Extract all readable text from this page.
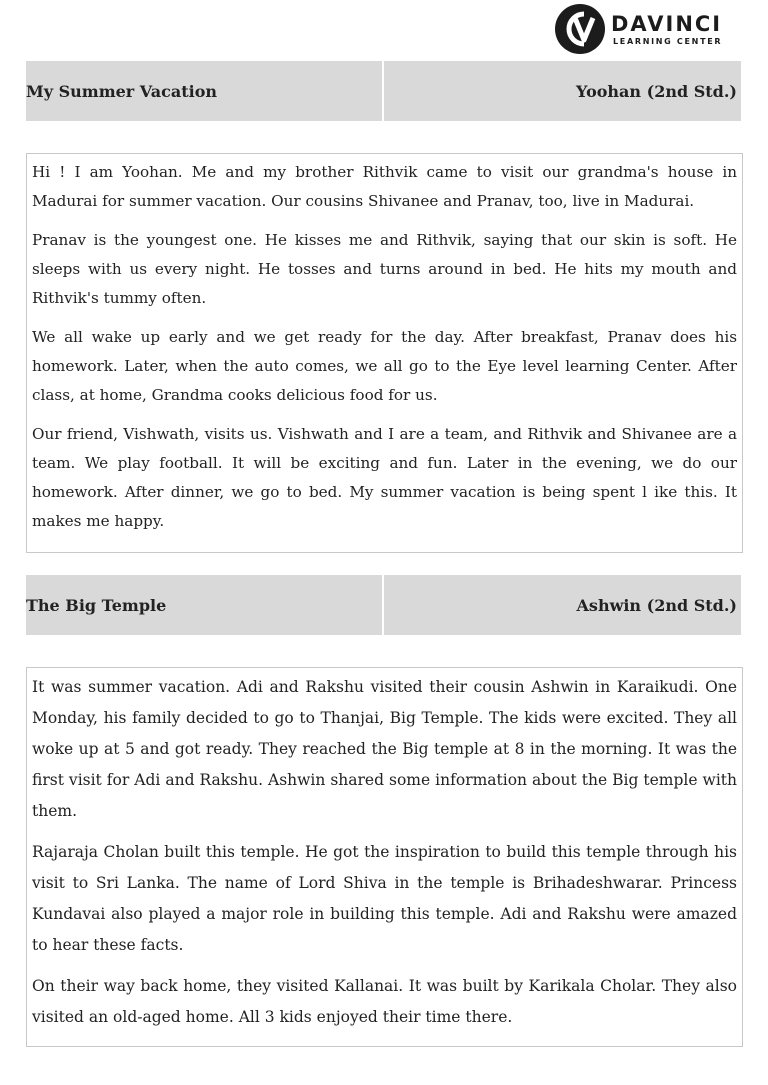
DAVINCI
LEARNING CENTER
My Summer Vacation	Yoohan (2nd Std.)

Hi ! I am Yoohan. Me and my brother Rithvik came to visit our grandma's house in Madurai for summer vacation. Our cousins Shivanee and Pranav, too, live in Madurai.

Pranav is the youngest one. He kisses me and Rithvik, saying that our skin is soft. He sleeps with us every night. He tosses and turns around in bed. He hits my mouth and Rithvik's tummy often.

We all wake up early and we get ready for the day. After breakfast, Pranav does his homework. Later, when the auto comes, we all go to the Eye level learning Center. After class, at home, Grandma cooks delicious food for us.

Our friend, Vishwath, visits us. Vishwath and I are a team, and Rithvik and Shivanee are a team. We play football. It will be exciting and fun. Later in the evening, we do our homework. After dinner, we go to bed. My summer vacation is being spent l ike this. It makes me happy.

The Big Temple	Ashwin (2nd Std.)

It was summer vacation. Adi and Rakshu visited their cousin Ashwin in Karaikudi. One Monday, his family decided to go to Thanjai, Big Temple. The kids were excited. They all woke up at 5 and got ready. They reached the Big temple at 8 in the morning. It was the first visit for Adi and Rakshu. Ashwin shared some information about the Big temple with them.

Rajaraja Cholan built this temple. He got the inspiration to build this temple through his visit to Sri Lanka. The name of Lord Shiva in the temple is Brihadeshwarar. Princess Kundavai also played a major role in building this temple. Adi and Rakshu were amazed to hear these facts.

On their way back home, they visited Kallanai. It was built by Karikala Cholar. They also visited an old-aged home. All 3 kids enjoyed their time there.
